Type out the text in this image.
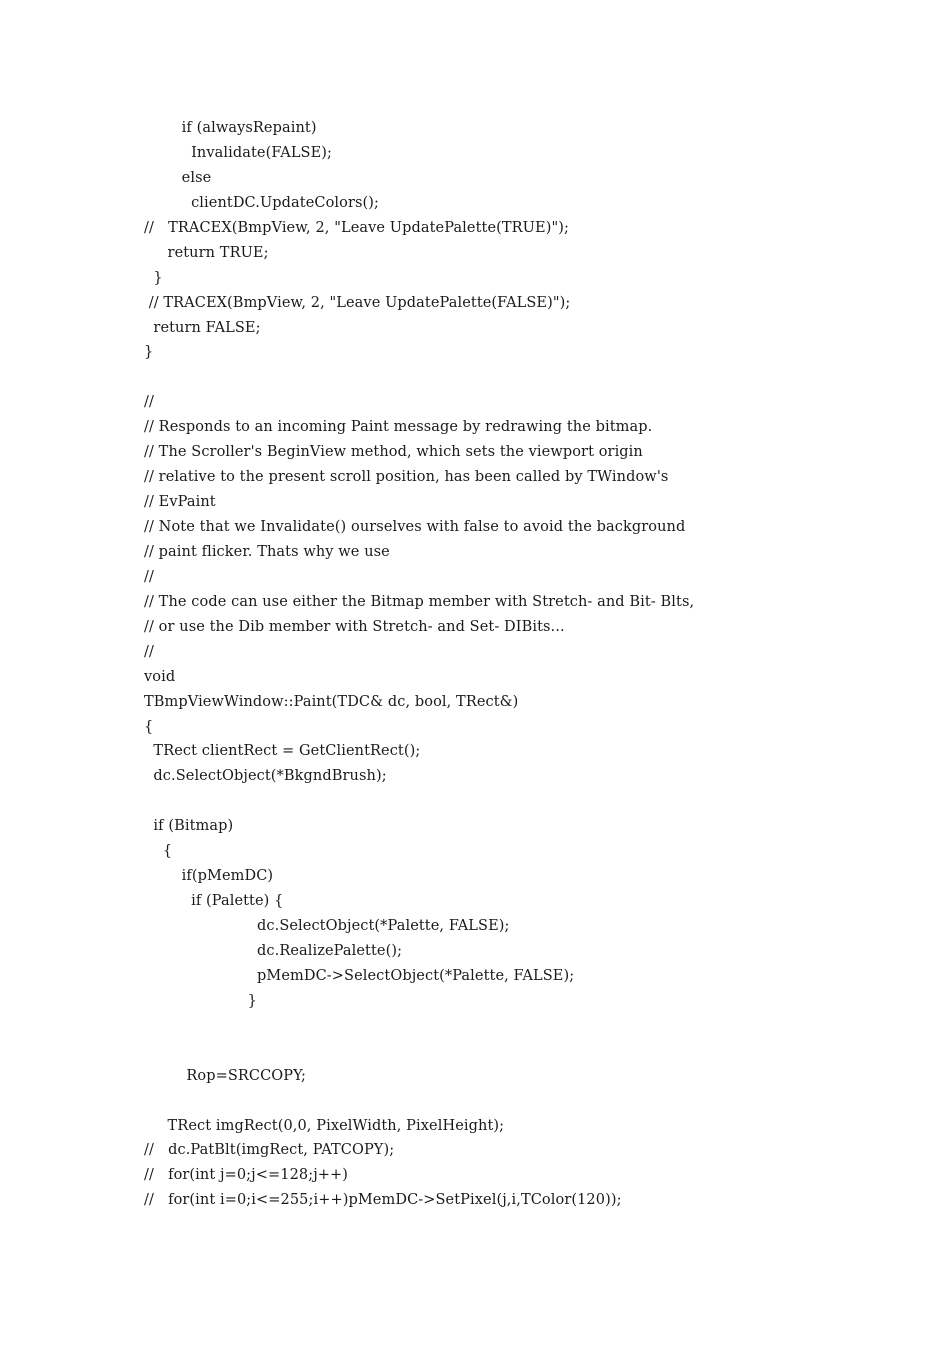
if (alwaysRepaint)
Invalidate(FALSE);
else
clientDC.UpdateColors();
//   TRACEX(BmpView, 2, "Leave UpdatePalette(TRUE)");
return TRUE;
}
// TRACEX(BmpView, 2, "Leave UpdatePalette(FALSE)");
return FALSE;
}
//
// Responds to an incoming Paint message by redrawing the bitmap.
// The Scroller's BeginView method, which sets the viewport origin
// relative to the present scroll position, has been called by TWindow's
// EvPaint
// Note that we Invalidate() ourselves with false to avoid the background
// paint flicker. Thats why we use
//
// The code can use either the Bitmap member with Stretch- and Bit- Blts,
// or use the Dib member with Stretch- and Set- DIBits...
//
void
TBmpViewWindow::Paint(TDC& dc, bool, TRect&)
{
TRect clientRect = GetClientRect();
dc.SelectObject(*BkgndBrush);
if (Bitmap)
{
if(pMemDC)
if (Palette) {
dc.SelectObject(*Palette, FALSE);
dc.RealizePalette();
pMemDC->SelectObject(*Palette, FALSE);
}
Rop=SRCCOPY;
TRect imgRect(0,0, PixelWidth, PixelHeight);
//   dc.PatBlt(imgRect, PATCOPY);
//   for(int j=0;j<=128;j++)
//   for(int i=0;i<=255;i++)pMemDC->SetPixel(j,i,TColor(120));
